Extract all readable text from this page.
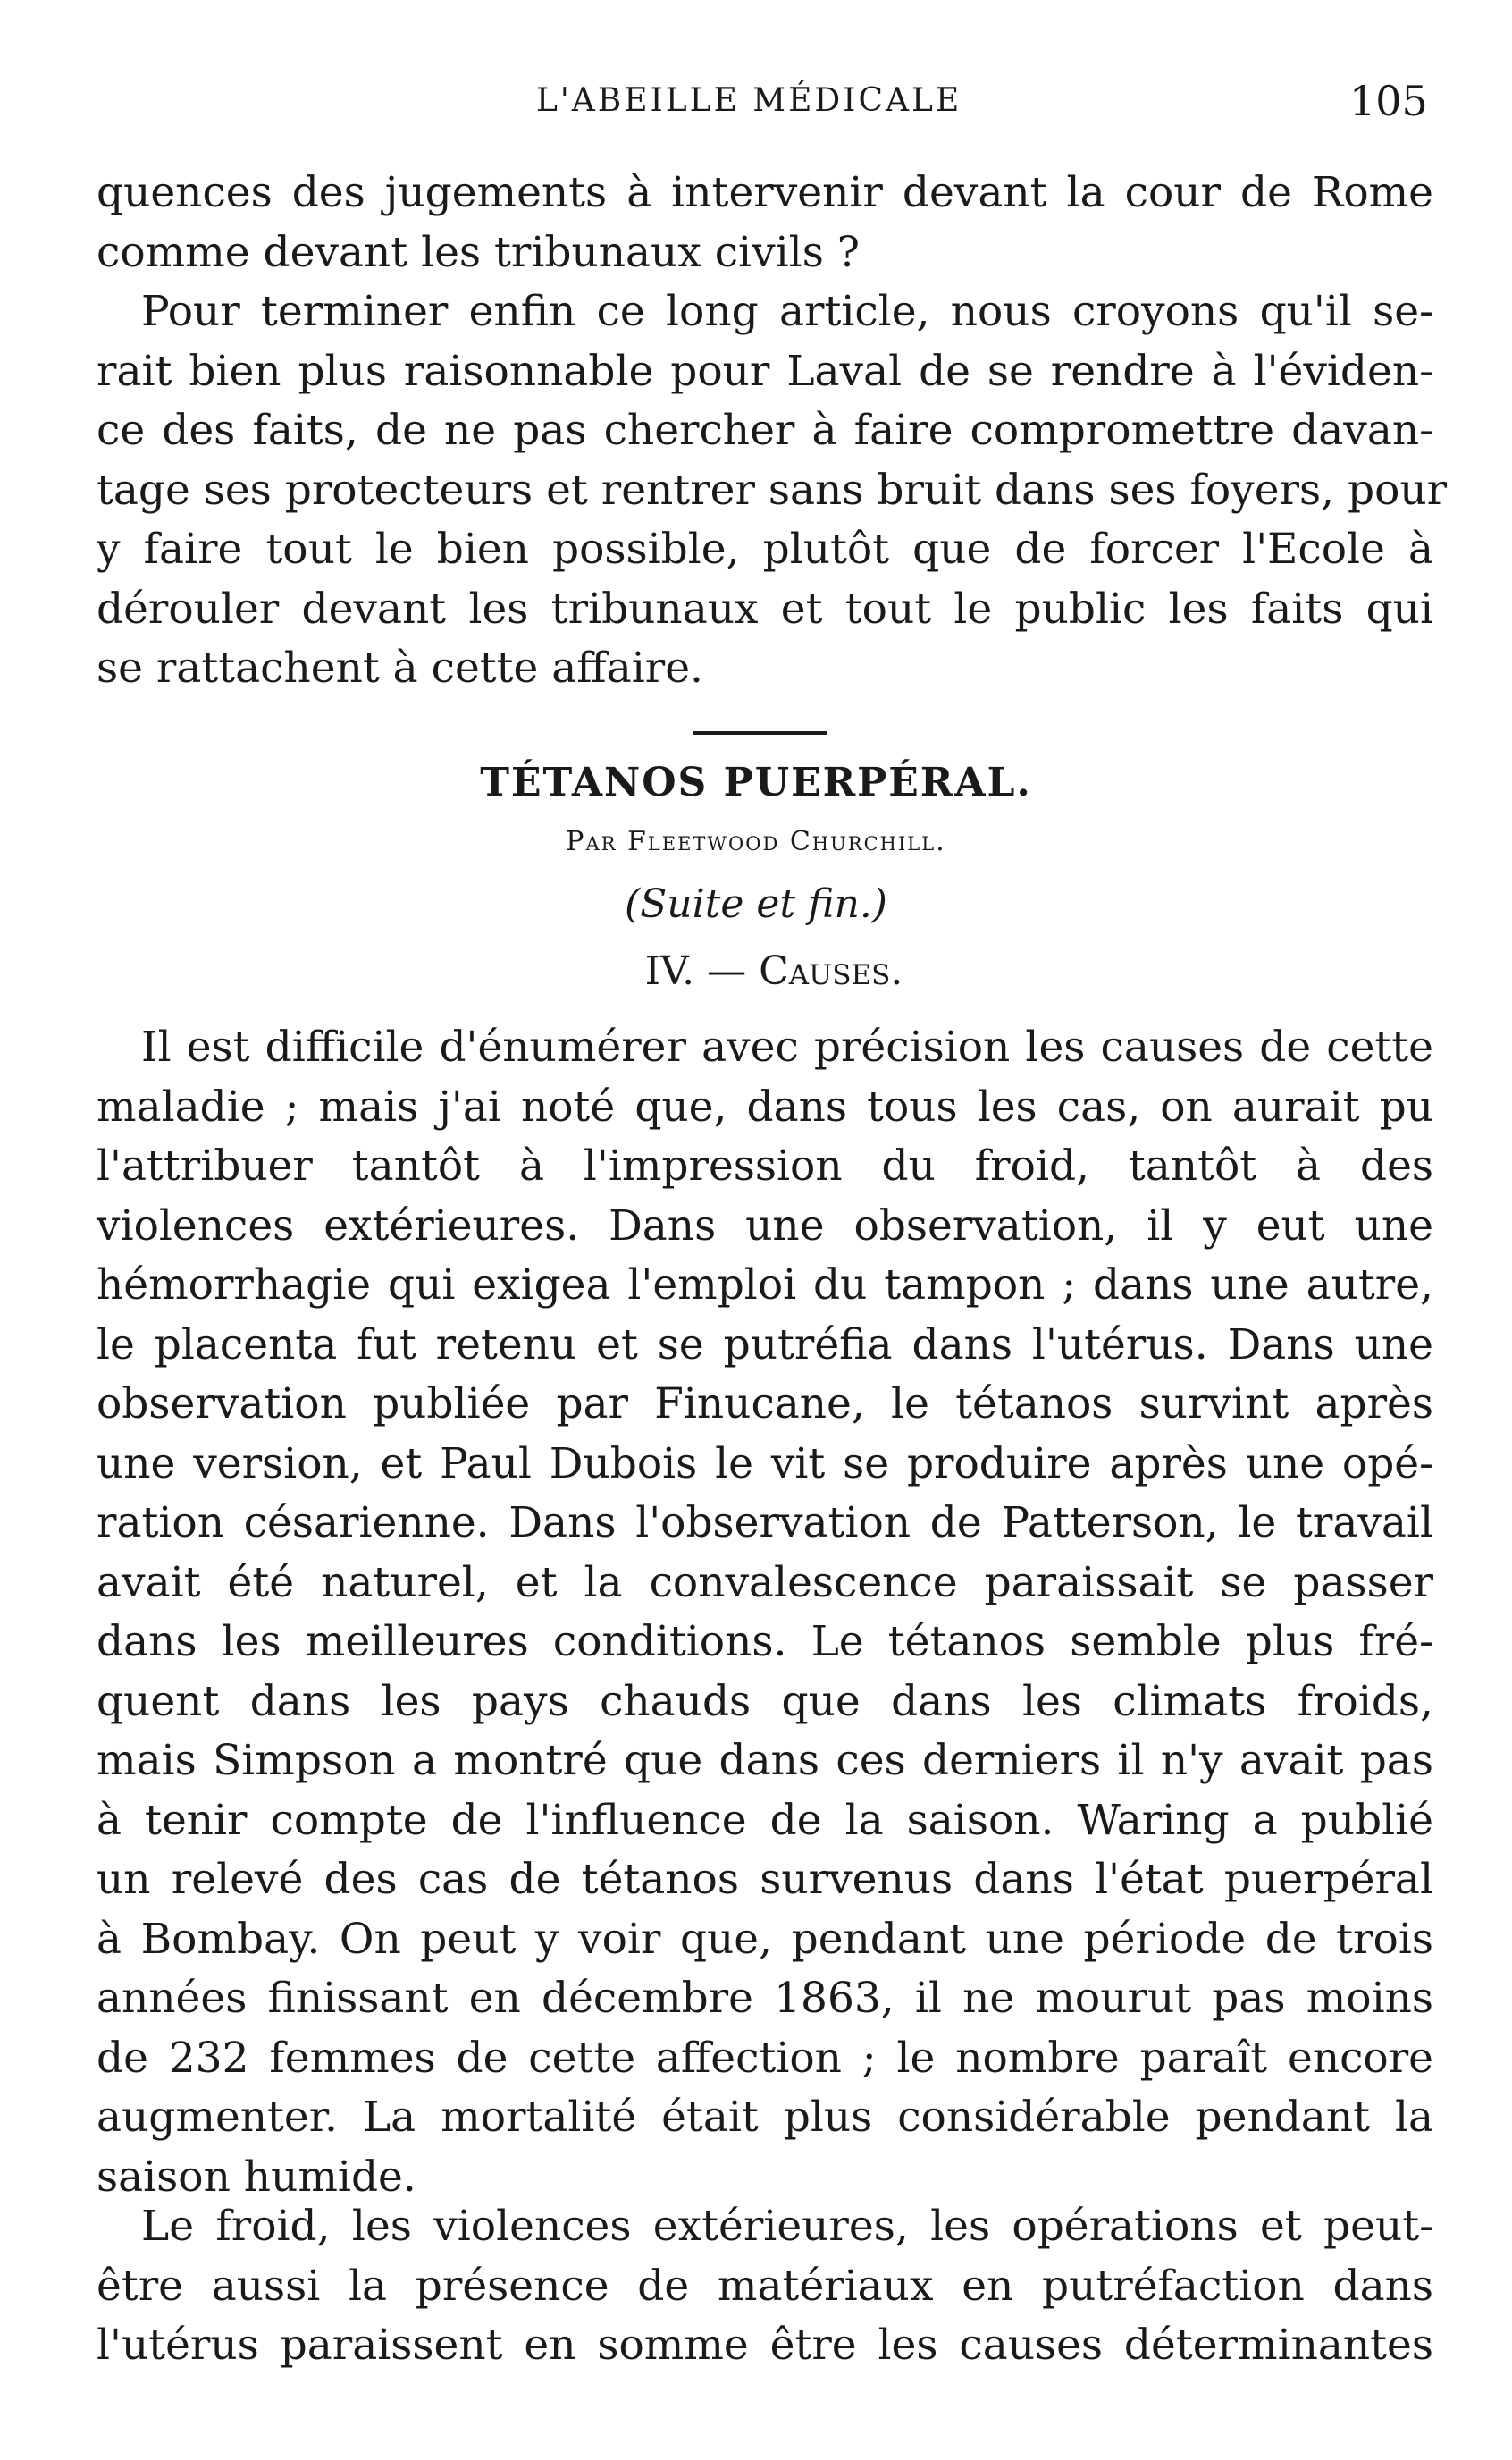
L'ABEILLE MÉDICALE	105
quences des jugements à intervenir devant la cour de Rome
comme devant les tribunaux civils ?
Pour terminer enfin ce long article, nous croyons qu'il se-
rait bien plus raisonnable pour Laval de se rendre à l'éviden-
ce des faits, de ne pas chercher à faire compromettre davan-
tage ses protecteurs et rentrer sans bruit dans ses foyers, pour
y faire tout le bien possible, plutôt que de forcer l'Ecole à
dérouler devant les tribunaux et tout le public les faits qui
se rattachent à cette affaire.
TÉTANOS PUERPÉRAL.
Par Fleetwood Churchill.
(Suite et fin.)
IV. — Causes.
Il est difficile d'énumérer avec précision les causes de cette
maladie ; mais j'ai noté que, dans tous les cas, on aurait pu
l'attribuer tantôt à l'impression du froid, tantôt à des
violences extérieures. Dans une observation, il y eut une
hémorrhagie qui exigea l'emploi du tampon ; dans une autre,
le placenta fut retenu et se putréfia dans l'utérus. Dans une
observation publiée par Finucane, le tétanos survint après
une version, et Paul Dubois le vit se produire après une opé-
ration césarienne. Dans l'observation de Patterson, le travail
avait été naturel, et la convalescence paraissait se passer
dans les meilleures conditions. Le tétanos semble plus fré-
quent dans les pays chauds que dans les climats froids,
mais Simpson a montré que dans ces derniers il n'y avait pas
à tenir compte de l'influence de la saison. Waring a publié
un relevé des cas de tétanos survenus dans l'état puerpéral
à Bombay. On peut y voir que, pendant une période de trois
années finissant en décembre 1863, il ne mourut pas moins
de 232 femmes de cette affection ; le nombre paraît encore
augmenter. La mortalité était plus considérable pendant la
saison humide.
Le froid, les violences extérieures, les opérations et peut-
être aussi la présence de matériaux en putréfaction dans
l'utérus paraissent en somme être les causes déterminantes
